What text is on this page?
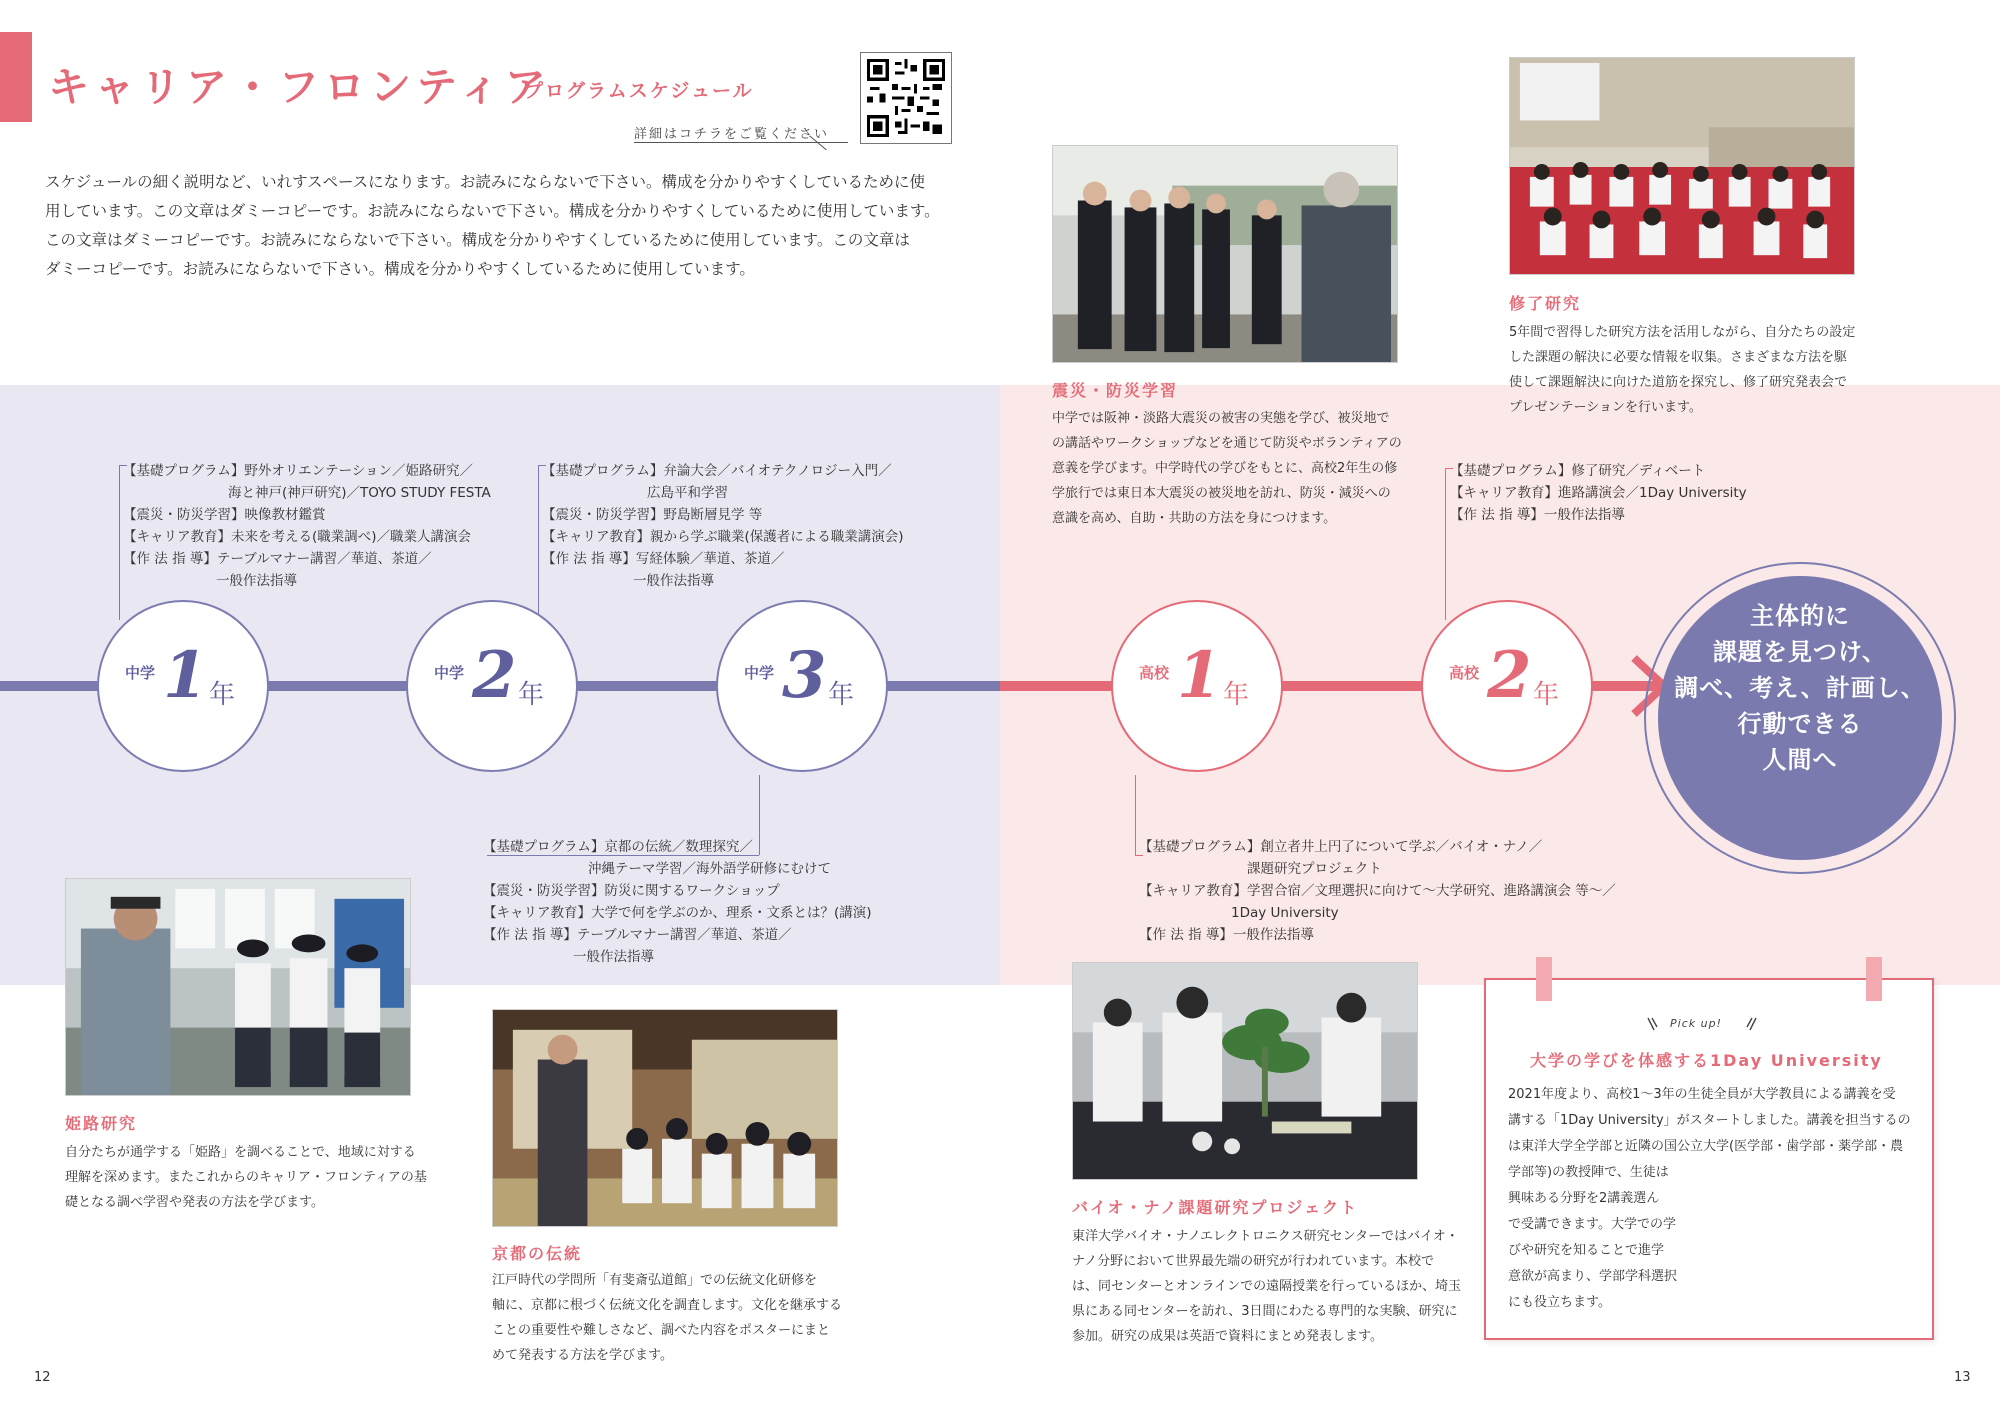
キャリア・フロンティア
プログラムスケジュール
詳細はコチラをご覧ください

スケジュールの細く説明など、いれすスペースになります。お読みにならないで下さい。構成を分かりやすくしているために使

用しています。この文章はダミーコピーです。お読みにならないで下さい。構成を分かりやすくしているために使用しています。

この文章はダミーコピーです。お読みにならないで下さい。構成を分かりやすくしているために使用しています。この文章は

ダミーコピーです。お読みにならないで下さい。構成を分かりやすくしているために使用しています。

中学 1 年
中学 2 年
中学 3 年
高校 1 年
高校 2 年

主体的に

課題を見つけ、

調べ、考え、計画し、

行動できる

人間へ

【基礎プログラム】野外オリエンテーション／姫路研究／

海と神戸(神戸研究)／TOYO STUDY FESTA

【震災・防災学習】映像教材鑑賞

【キャリア教育】未来を考える(職業調べ)／職業人講演会

【作 法 指 導】テーブルマナー講習／華道、茶道／

一般作法指導

【基礎プログラム】弁論大会／バイオテクノロジー入門／

広島平和学習

【震災・防災学習】野島断層見学 等

【キャリア教育】親から学ぶ職業(保護者による職業講演会)

【作 法 指 導】写経体験／華道、茶道／

一般作法指導

【基礎プログラム】京都の伝統／数理探究／

沖縄テーマ学習／海外語学研修にむけて

【震災・防災学習】防災に関するワークショップ

【キャリア教育】大学で何を学ぶのか、理系・文系とは？(講演)

【作 法 指 導】テーブルマナー講習／華道、茶道／

一般作法指導

【基礎プログラム】創立者井上円了について学ぶ／バイオ・ナノ／

課題研究プロジェクト

【キャリア教育】学習合宿／文理選択に向けて～大学研究、進路講演会 等～／

1Day University

【作 法 指 導】一般作法指導

【基礎プログラム】修了研究／ディベート

【キャリア教育】進路講演会／1Day University

【作 法 指 導】一般作法指導

震災・防災学習

中学では阪神・淡路大震災の被害の実態を学び、被災地で

の講話やワークショップなどを通じて防災やボランティアの

意義を学びます。中学時代の学びをもとに、高校2年生の修

学旅行では東日本大震災の被災地を訪れ、防災・減災への

意識を高め、自助・共助の方法を身につけます。

修了研究

5年間で習得した研究方法を活用しながら、自分たちの設定

した課題の解決に必要な情報を収集。さまざまな方法を駆

使して課題解決に向けた道筋を探究し、修了研究発表会で

プレゼンテーションを行います。

姫路研究

自分たちが通学する「姫路」を調べることで、地域に対する

理解を深めます。またこれからのキャリア・フロンティアの基

礎となる調べ学習や発表の方法を学びます。

京都の伝統

江戸時代の学問所「有斐斎弘道館」での伝統文化研修を

軸に、京都に根づく伝統文化を調査します。文化を継承する

ことの重要性や難しさなど、調べた内容をポスターにまと

めて発表する方法を学びます。

バイオ・ナノ課題研究プロジェクト

東洋大学バイオ・ナノエレクトロニクス研究センターではバイオ・

ナノ分野において世界最先端の研究が行われています。本校で

は、同センターとオンラインでの遠隔授業を行っているほか、埼玉

県にある同センターを訪れ、3日間にわたる専門的な実験、研究に

参加。研究の成果は英語で資料にまとめ発表します。

Pick up!
大学の学びを体感する1Day University

2021年度より、高校1～3年の生徒全員が大学教員による講義を受

講する「1Day University」がスタートしました。講義を担当するの

は東洋大学全学部と近隣の国公立大学(医学部・歯学部・薬学部・農

学部等)の教授陣で、生徒は

興味ある分野を2講義選ん

で受講できます。大学での学

びや研究を知ることで進学

意欲が高まり、学部学科選択

にも役立ちます。

12	13
